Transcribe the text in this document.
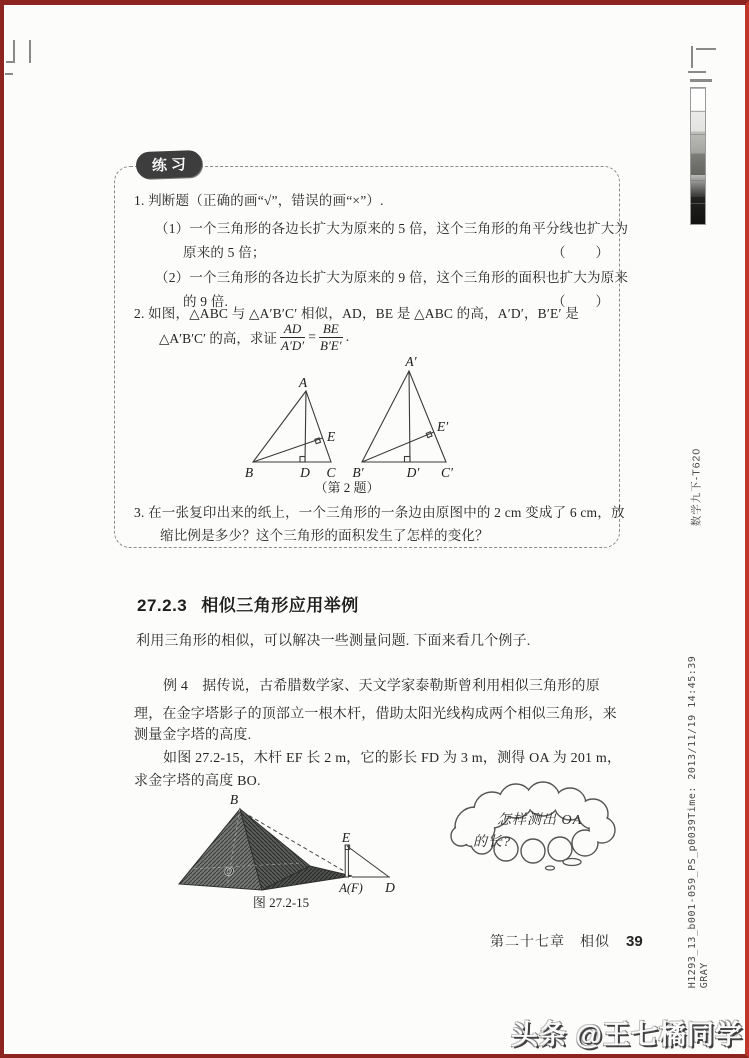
练习
1. 判断题（正确的画“√”，错误的画“×”）.
（1）一个三角形的各边长扩大为原来的 5 倍，这个三角形的角平分线也扩大为
原来的 5 倍；	（　　）
（2）一个三角形的各边长扩大为原来的 9 倍，这个三角形的面积也扩大为原来
的 9 倍.	（　　）
2. 如图，△ABC 与 △A′B′C′ 相似，AD，BE 是 △ABC 的高，A′D′，B′E′ 是
△A′B′C′ 的高，求证 $\frac{AD}{A'D'} = \frac{BE}{B'E'}$ .
A
B	C
D
E
A′
B′	C′
D′
E′
（第 2 题）
3. 在一张复印出来的纸上，一个三角形的一条边由原图中的 2 cm 变成了 6 cm，放
缩比例是多少？这个三角形的面积发生了怎样的变化？
27.2.3 相似三角形应用举例
利用三角形的相似，可以解决一些测量问题. 下面来看几个例子.
例 4　据传说，古希腊数学家、天文学家泰勒斯曾利用相似三角形的原
理，在金字塔影子的顶部立一根木杆，借助太阳光线构成两个相似三角形，来
测量金字塔的高度.
如图 27.2-15，木杆 EF 长 2 m，它的影长 FD 为 3 m，测得 OA 为 201 m，
求金字塔的高度 BO.
B
E
A(F) D
O
图 27.2-15
怎样测出 OA
的长?
第二十七章　相似 39
数学九下-T620
H1293_13_b001-059_PS_p0039Time: 2013/11/19 14:45:39 GRAY
头条 @王七橘同学
